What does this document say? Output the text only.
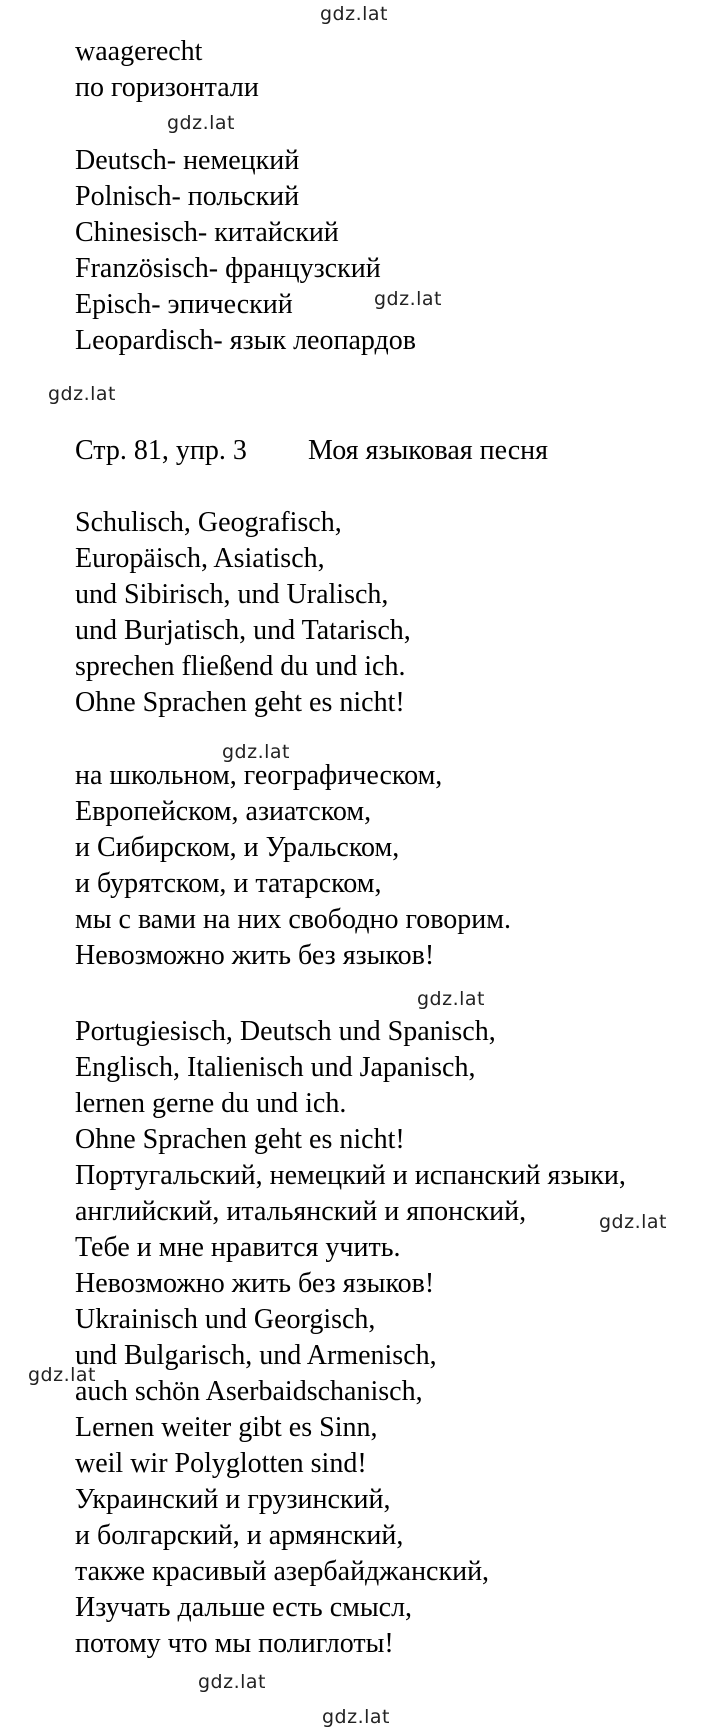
waagerecht
по горизонтали
Deutsch- немецкий
Polnisch- польский
Chinesisch- китайский
Französisch- французский
Episch- эпический
Leopardisch- язык леопардов
Стр. 81, упр. 3 Моя языковая песня
Schulisch, Geografisch,
Europäisch, Asiatisch,
und Sibirisch, und Uralisch,
und Burjatisch, und Tatarisch,
sprechen fließend du und ich.
Ohne Sprachen geht es nicht!
на школьном, географическом,
Европейском, азиатском,
и Сибирском, и Уральском,
и бурятском, и татарском,
мы с вами на них свободно говорим.
Невозможно жить без языков!
Portugiesisch, Deutsch und Spanisch,
Englisch, Italienisch und Japanisch,
lernen gerne du und ich.
Ohne Sprachen geht es nicht!
Португальский, немецкий и испанский языки,
английский, итальянский и японский,
Тебе и мне нравится учить.
Невозможно жить без языков!
Ukrainisch und Georgisch,
und Bulgarisch, und Armenisch,
auch schön Aserbaidschanisch,
Lernen weiter gibt es Sinn,
weil wir Polyglotten sind!
Украинский и грузинский,
и болгарский, и армянский,
также красивый азербайджанский,
Изучать дальше есть смысл,
потому что мы полиглоты!
gdz.lat
gdz.lat
gdz.lat
gdz.lat
gdz.lat
gdz.lat
gdz.lat
gdz.lat
gdz.lat
gdz.lat
